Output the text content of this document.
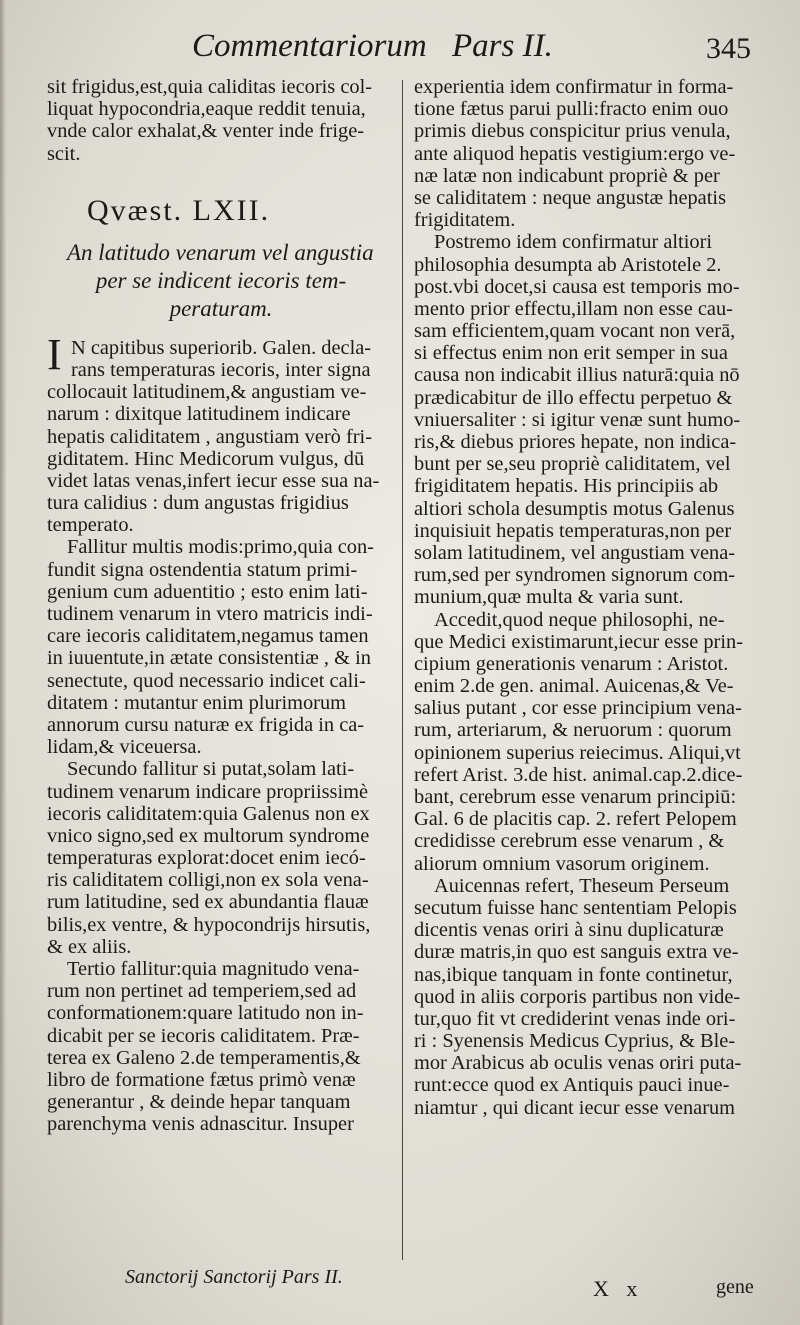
Commentariorum Pars II.	345
sit frigidus,est,quia caliditas iecoris col-
liquat hypocondria,eaque reddit tenuia,
vnde calor exhalat,& venter inde frige-
scit.
Qvæst. LXII.
An latitudo venarum vel angustia
per se indicent iecoris tem-
peraturam.
I N capitibus superiorib. Galen. decla-
rans temperaturas iecoris, inter signa
collocauit latitudinem,& angustiam ve-
narum : dixitque latitudinem indicare
hepatis caliditatem , angustiam verò fri-
giditatem. Hinc Medicorum vulgus, dū
videt latas venas,infert iecur esse sua na-
tura calidius : dum angustas frigidius
temperato.
Fallitur multis modis:primo,quia con-
fundit signa ostendentia statum primi-
genium cum aduentitio ; esto enim lati-
tudinem venarum in vtero matricis indi-
care iecoris caliditatem,negamus tamen
in iuuentute,in ætate consistentiæ , & in
senectute, quod necessario indicet cali-
ditatem : mutantur enim plurimorum
annorum cursu naturæ ex frigida in ca-
lidam,& viceuersa.
Secundo fallitur si putat,solam lati-
tudinem venarum indicare propriissimè
iecoris caliditatem:quia Galenus non ex
vnico signo,sed ex multorum syndrome
temperaturas explorat:docet enim iecó-
ris caliditatem colligi,non ex sola vena-
rum latitudine, sed ex abundantia flauæ
bilis,ex ventre, & hypocondrijs hirsutis,
& ex aliis.
Tertio fallitur:quia magnitudo vena-
rum non pertinet ad temperiem,sed ad
conformationem:quare latitudo non in-
dicabit per se iecoris caliditatem. Præ-
terea ex Galeno 2.de temperamentis,&
libro de formatione fætus primò venæ
generantur , & deinde hepar tanquam
parenchyma venis adnascitur. Insuper
experientia idem confirmatur in forma-
tione fætus parui pulli:fracto enim ouo
primis diebus conspicitur prius venula,
ante aliquod hepatis vestigium:ergo ve-
næ latæ non indicabunt propriè & per
se caliditatem : neque angustæ hepatis
frigiditatem.
Postremo idem confirmatur altiori
philosophia desumpta ab Aristotele 2.
post.vbi docet,si causa est temporis mo-
mento prior effectu,illam non esse cau-
sam efficientem,quam vocant non verā,
si effectus enim non erit semper in sua
causa non indicabit illius naturā:quia nō
prædicabitur de illo effectu perpetuo &
vniuersaliter : si igitur venæ sunt humo-
ris,& diebus priores hepate, non indica-
bunt per se,seu propriè caliditatem, vel
frigiditatem hepatis. His principiis ab
altiori schola desumptis motus Galenus
inquisiuit hepatis temperaturas,non per
solam latitudinem, vel angustiam vena-
rum,sed per syndromen signorum com-
munium,quæ multa & varia sunt.
Accedit,quod neque philosophi, ne-
que Medici existimarunt,iecur esse prin-
cipium generationis venarum : Aristot.
enim 2.de gen. animal. Auicenas,& Ve-
salius putant , cor esse principium vena-
rum, arteriarum, & neruorum : quorum
opinionem superius reiecimus. Aliqui,vt
refert Arist. 3.de hist. animal.cap.2.dice-
bant, cerebrum esse venarum principiū:
Gal. 6 de placitis cap. 2. refert Pelopem
credidisse cerebrum esse venarum , &
aliorum omnium vasorum originem.
Auicennas refert, Theseum Perseum
secutum fuisse hanc sententiam Pelopis
dicentis venas oriri à sinu duplicaturæ
duræ matris,in quo est sanguis extra ve-
nas,ibique tanquam in fonte continetur,
quod in aliis corporis partibus non vide-
tur,quo fit vt crediderint venas inde ori-
ri : Syenensis Medicus Cyprius, & Ble-
mor Arabicus ab oculis venas oriri puta-
runt:ecce quod ex Antiquis pauci inue-
niamtur , qui dicant iecur esse venarum
Sanctorij Sanctorij Pars II.	X x	gene
